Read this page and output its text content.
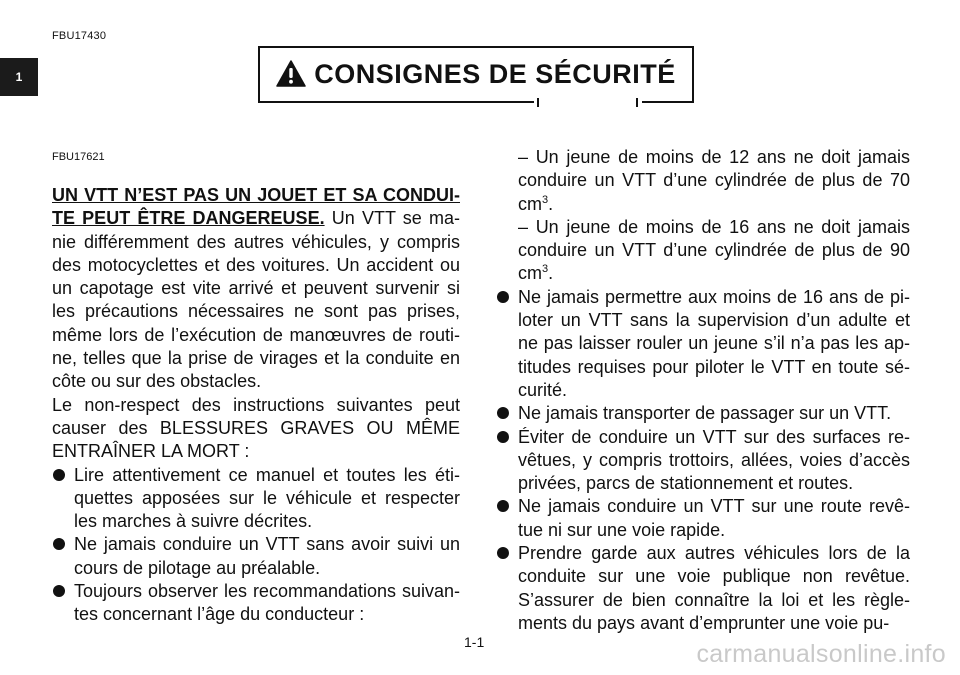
FBU17430
1	CONSIGNES DE SÉCURITÉ
FBU17621

UN VTT N’EST PAS UN JOUET ET SA CONDUI-TE PEUT ÊTRE DANGEREUSE. Un VTT se ma-nie différemment des autres véhicules, y compris des motocyclettes et des voitures. Un accident ou un capotage est vite arrivé et peuvent survenir si les précautions nécessaires ne sont pas prises, même lors de l’exécution de manœuvres de routi-ne, telles que la prise de virages et la conduite en côte ou sur des obstacles.

Le non-respect des instructions suivantes peut causer des BLESSURES GRAVES OU MÊME ENTRAÎNER LA MORT :

Lire attentivement ce manuel et toutes les éti-quettes apposées sur le véhicule et respecter les marches à suivre décrites.

Ne jamais conduire un VTT sans avoir suivi un cours de pilotage au préalable.

Toujours observer les recommandations suivan-tes concernant l’âge du conducteur :

– Un jeune de moins de 12 ans ne doit jamais conduire un VTT d’une cylindrée de plus de 70 $cm^3$.

– Un jeune de moins de 16 ans ne doit jamais conduire un VTT d’une cylindrée de plus de 90 $cm^3$.

Ne jamais permettre aux moins de 16 ans de pi-loter un VTT sans la supervision d’un adulte et ne pas laisser rouler un jeune s’il n’a pas les ap-titudes requises pour piloter le VTT en toute sé-curité.

Ne jamais transporter de passager sur un VTT.

Éviter de conduire un VTT sur des surfaces re-vêtues, y compris trottoirs, allées, voies d’accès privées, parcs de stationnement et routes.

Ne jamais conduire un VTT sur une route revê-tue ni sur une voie rapide.

Prendre garde aux autres véhicules lors de la conduite sur une voie publique non revêtue. S’assurer de bien connaître la loi et les règle-ments du pays avant d’emprunter une voie pu-

1-1	carmanualsonline.info
